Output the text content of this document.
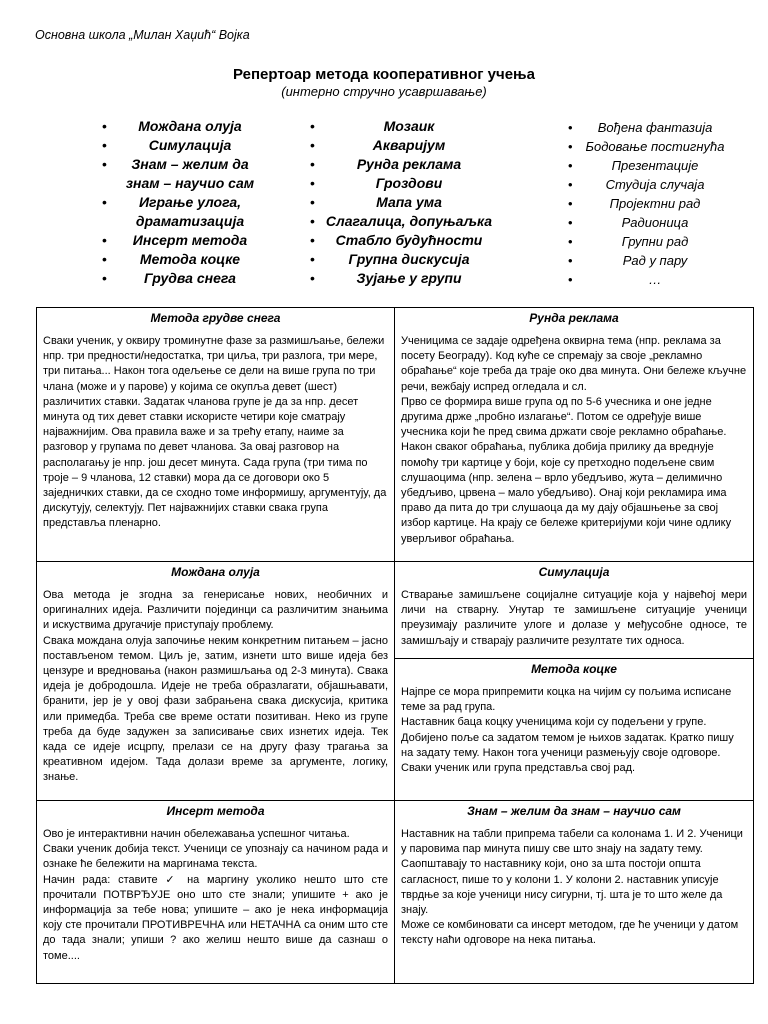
Основна школа „Милан Хаџић“ Војка
Репертоар метода кооперативног учења
(интерно стручно усавршавање)
• Мождана олуја
• Симулација
• Знам – желим да знам – научио сам
• Играње улога, драматизација
• Инсерт метода
• Метода коцке
• Грудва снега
• Мозаик
• Акваријум
• Рунда реклама
• Гроздови
• Мапа ума
• Слагалица, допуњаљка
• Стабло будућности
• Групна дискусија
• Зујање у групи
• Вођена фантазија
• Бодовање постигнућа
• Презентације
• Студија случаја
• Пројектни рад
• Радионица
• Групни рад
• Рад у пару
• …
Метода грудве снега

Сваки ученик, у оквиру троминутне фазе за размишљање, бележи нпр. три предности/недостатка, три циља, три разлога, три мере, три питања... Након тога одељење се дели на више група по три члана (може и у парове) у којима се окупља девет (шест) различитих ставки. Задатак чланова групе је да за нпр. десет минута од тих девет ставки искористе четири које сматрају најважнијим. Ова правила важе и за трећу етапу, наиме за разговор у групама по девет чланова. За овај разговор на располагању је нпр. још десет минута. Сада група (три тима по троје – 9 чланова, 12 ставки) мора да се договори око 5 заједничких ставки, да се сходно томе информишу, аргументују, да дискутују, селектују. Пет најважнијих ставки свака група представља пленарно.

Рунда реклама

Ученицима се задаје одређена оквирна тема (нпр. реклама за посету Београду). Код куће се спремају за своје „рекламно обраћање“ које треба да траје око два минута. Они бележе кључне речи, вежбају испред огледала и сл.

Прво се формира више група од по 5-6 учесника и оне једне другима држе „пробно излагање“. Потом се одређује више учесника који ће пред свима држати своје рекламно обраћање. Након сваког обраћања, публика добија прилику да вреднује помоћу три картице у боји, које су претходно подељене свим слушаоцима (нпр. зелена – врло убедљиво, жута – делимично убедљиво, црвена – мало убедљиво). Онај који рекламира има право да пита до три слушаоца да му дају објашњење за свој избор картице. На крају се бележе критеријуми који чине одлику уверљивог обраћања.

Мождана олуја

Ова метода је згодна за генерисање нових, необичних и оригиналних идеја. Различити појединци са различитим знањима и искуствима другачије приступају проблему.

Свака мождана олуја започиње неким конкретним питањем – јасно постављеном темом. Циљ је, затим, изнети што више идеја без цензуре и вредновања (након размишљања од 2-3 минута). Свака идеја је добродошла. Идеје не треба образлагати, објашњавати, бранити, јер је у овој фази забрањена свака дискусија, критика или примедба. Треба све време остати позитиван. Неко из групе треба да буде задужен за записивање свих изнетих идеја. Тек када се идеје исцрпу, прелази се на другу фазу трагања за креативном идејом. Тада долази време за аргументе, логику, знање.

Симулација

Стварање замишљене социјалне ситуације која у највећој мери личи на стварну. Унутар те замишљене ситуације ученици преузимају различите улоге и долазе у међусобне односе, те замишљају и стварају различите резултате тих односа.

Метода коцке

Најпре се мора припремити коцка на чијим су пољима исписане теме за рад група.

Наставник баца коцку ученицима који су подељени у групе. Добијено поље са задатом темом је њихов задатак. Кратко пишу на задату тему. Након тога ученици размењују своје одговоре. Сваки ученик или група представља свој рад.

Инсерт метода

Ово је интерактивни начин обележавања успешног читања.

Сваки ученик добија текст. Ученици се упознају са начином рада и ознаке ће бележити на маргинама текста.

Начин рада: ставите ✓ на маргину уколико нешто што сте прочитали ПОТВРЂУЈЕ оно што сте знали; упишите + ако је информација за тебе нова; упишите – ако је нека информација коју сте прочитали ПРОТИВРЕЧНА или НЕТАЧНА са оним што сте до тада знали; упиши ? ако желиш нешто више да сазнаш о томе....

Знам – желим да знам – научио сам

Наставник на табли припрема табели са колонама 1. И 2. Ученици у паровима пар минута пишу све што знају на задату тему. Саопштавају то наставнику који, оно за шта постоји општа сагласност, пише то у колони 1. У колони 2. наставник уписује тврдње за које ученици нису сигурни, тј. шта је то што желе да знају.

Може се комбиновати са инсерт методом, где ће ученици у датом тексту наћи одговоре на нека питања.
